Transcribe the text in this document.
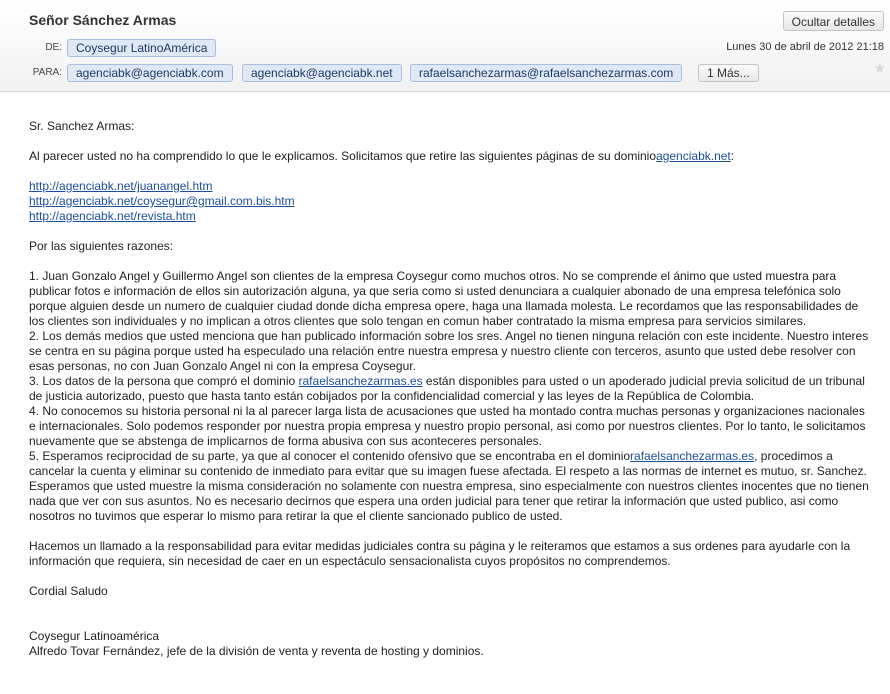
Señor Sánchez Armas	Ocultar detalles
DE:	Coysegur LatinoAmérica	Lunes 30 de abril de 2012 21:18
PARA:	agenciabk@agenciabk.com	agenciabk@agenciabk.net	rafaelsanchezarmas@rafaelsanchezarmas.com	1 Más...	★

Sr. Sanchez Armas:

Al parecer usted no ha comprendido lo que le explicamos. Solicitamos que retire las siguientes páginas de su dominioagenciabk.net:

http://agenciabk.net/juanangel.htm

http://agenciabk.net/coysegur@gmail.com.bis.htm

http://agenciabk.net/revista.htm

Por las siguientes razones:

1. Juan Gonzalo Angel y Guillermo Angel son clientes de la empresa Coysegur como muchos otros. No se comprende el ánimo que usted muestra para publicar fotos e información de ellos sin autorización alguna, ya que seria como si usted denunciara a cualquier abonado de una empresa telefónica solo porque alguien desde un numero de cualquier ciudad donde dicha empresa opere, haga una llamada molesta. Le recordamos que las responsabilidades de los clientes son individuales y no implican a otros clientes que solo tengan en comun haber contratado la misma empresa para servicios similares.

2. Los demás medios que usted menciona que han publicado información sobre los sres. Angel no tienen ninguna relación con este incidente. Nuestro interes se centra en su página porque usted ha especulado una relación entre nuestra empresa y nuestro cliente con terceros, asunto que usted debe resolver con esas personas, no con Juan Gonzalo Angel ni con la empresa Coysegur.

3. Los datos de la persona que compró el dominio rafaelsanchezarmas.es están disponibles para usted o un apoderado judicial previa solicitud de un tribunal de justicia autorizado, puesto que hasta tanto están cobijados por la confidencialidad comercial y las leyes de la República de Colombia.

4. No conocemos su historia personal ni la al parecer larga lista de acusaciones que usted ha montado contra muchas personas y organizaciones nacionales e internacionales. Solo podemos responder por nuestra propia empresa y nuestro propio personal, asi como por nuestros clientes. Por lo tanto, le solicitamos nuevamente que se abstenga de implicarnos de forma abusiva con sus aconteceres personales.

5. Esperamos reciprocidad de su parte, ya que al conocer el contenido ofensivo que se encontraba en el dominiorafaelsanchezarmas.es, procedimos a cancelar la cuenta y eliminar su contenido de inmediato para evitar que su imagen fuese afectada. El respeto a las normas de internet es mutuo, sr. Sanchez. Esperamos que usted muestre la misma consideración no solamente con nuestra empresa, sino especialmente con nuestros clientes inocentes que no tienen nada que ver con sus asuntos. No es necesario decirnos que espera una orden judicial para tener que retirar la información que usted publico, asi como nosotros no tuvimos que esperar lo mismo para retirar la que el cliente sancionado publico de usted.

Hacemos un llamado a la responsabilidad para evitar medidas judiciales contra su página y le reiteramos que estamos a sus ordenes para ayudarle con la información que requiera, sin necesidad de caer en un espectáculo sensacionalista cuyos propósitos no comprendemos.

Cordial Saludo

Coysegur Latinoamérica

Alfredo Tovar Fernández, jefe de la división de venta y reventa de hosting y dominios.
